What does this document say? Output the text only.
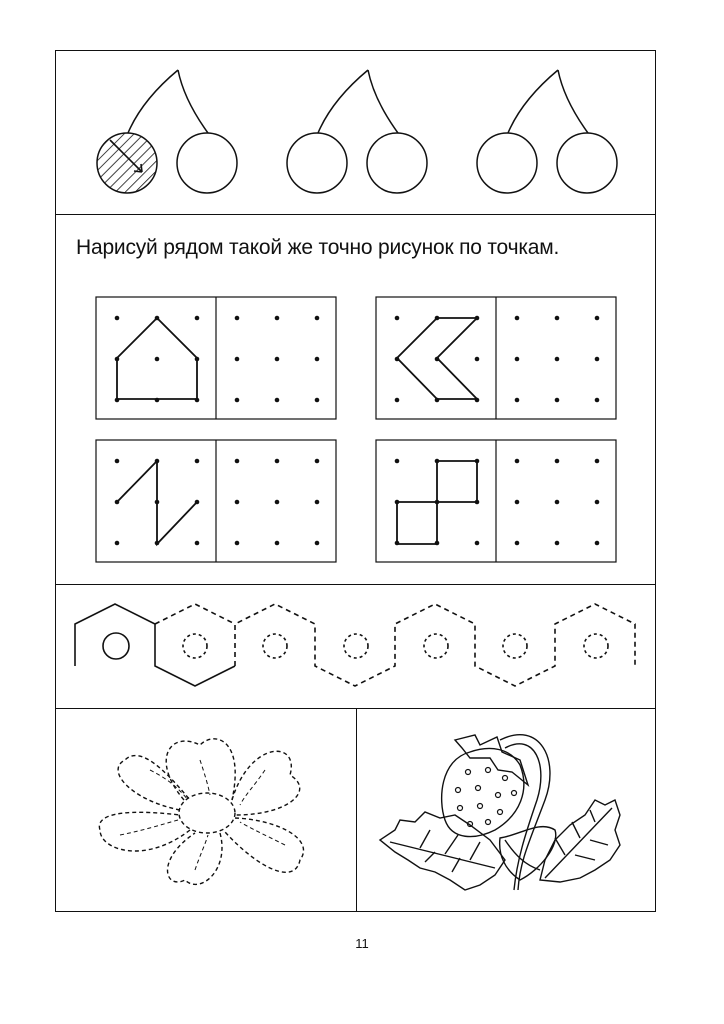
Нарисуй рядом такой же точно рисунок по точкам.
11
